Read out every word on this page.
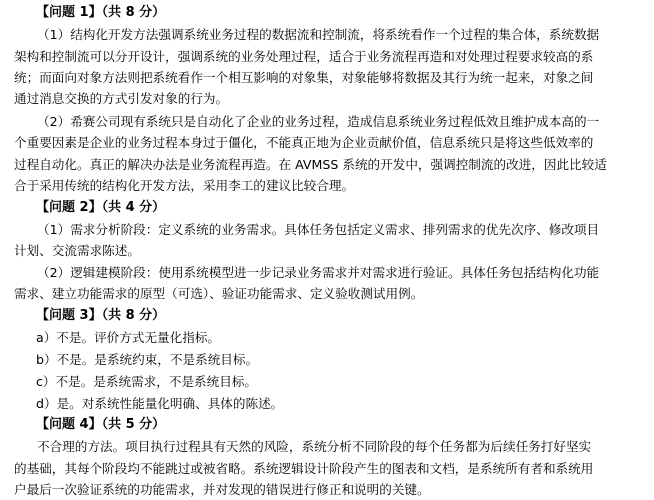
【问题 1】（共 8 分）
（1）结构化开发方法强调系统业务过程的数据流和控制流，将系统看作一个过程的集合体，系统数据
架构和控制流可以分开设计，强调系统的业务处理过程，适合于业务流程再造和对处理过程要求较高的系
统；而面向对象方法则把系统看作一个相互影响的对象集，对象能够将数据及其行为统一起来，对象之间
通过消息交换的方式引发对象的行为。
（2）希赛公司现有系统只是自动化了企业的业务过程，造成信息系统业务过程低效且维护成本高的一
个重要因素是企业的业务过程本身过于僵化，不能真正地为企业贡献价值，信息系统只是将这些低效率的
过程自动化。真正的解决办法是业务流程再造。在 AVMSS 系统的开发中，强调控制流的改进，因此比较适
合于采用传统的结构化开发方法，采用李工的建议比较合理。
【问题 2】（共 4 分）
（1）需求分析阶段：定义系统的业务需求。具体任务包括定义需求、排列需求的优先次序、修改项目
计划、交流需求陈述。
（2）逻辑建模阶段：使用系统模型进一步记录业务需求并对需求进行验证。具体任务包括结构化功能
需求、建立功能需求的原型（可选）、验证功能需求、定义验收测试用例。
【问题 3】（共 8 分）
a）不是。评价方式无量化指标。
b）不是。是系统约束，不是系统目标。
c）不是。是系统需求，不是系统目标。
d）是。对系统性能量化明确、具体的陈述。
【问题 4】（共 5 分）
不合理的方法。项目执行过程具有天然的风险，系统分析不同阶段的每个任务都为后续任务打好坚实
的基础，其每个阶段均不能跳过或被省略。系统逻辑设计阶段产生的图表和文档，是系统所有者和系统用
户最后一次验证系统的功能需求，并对发现的错误进行修正和说明的关键。
